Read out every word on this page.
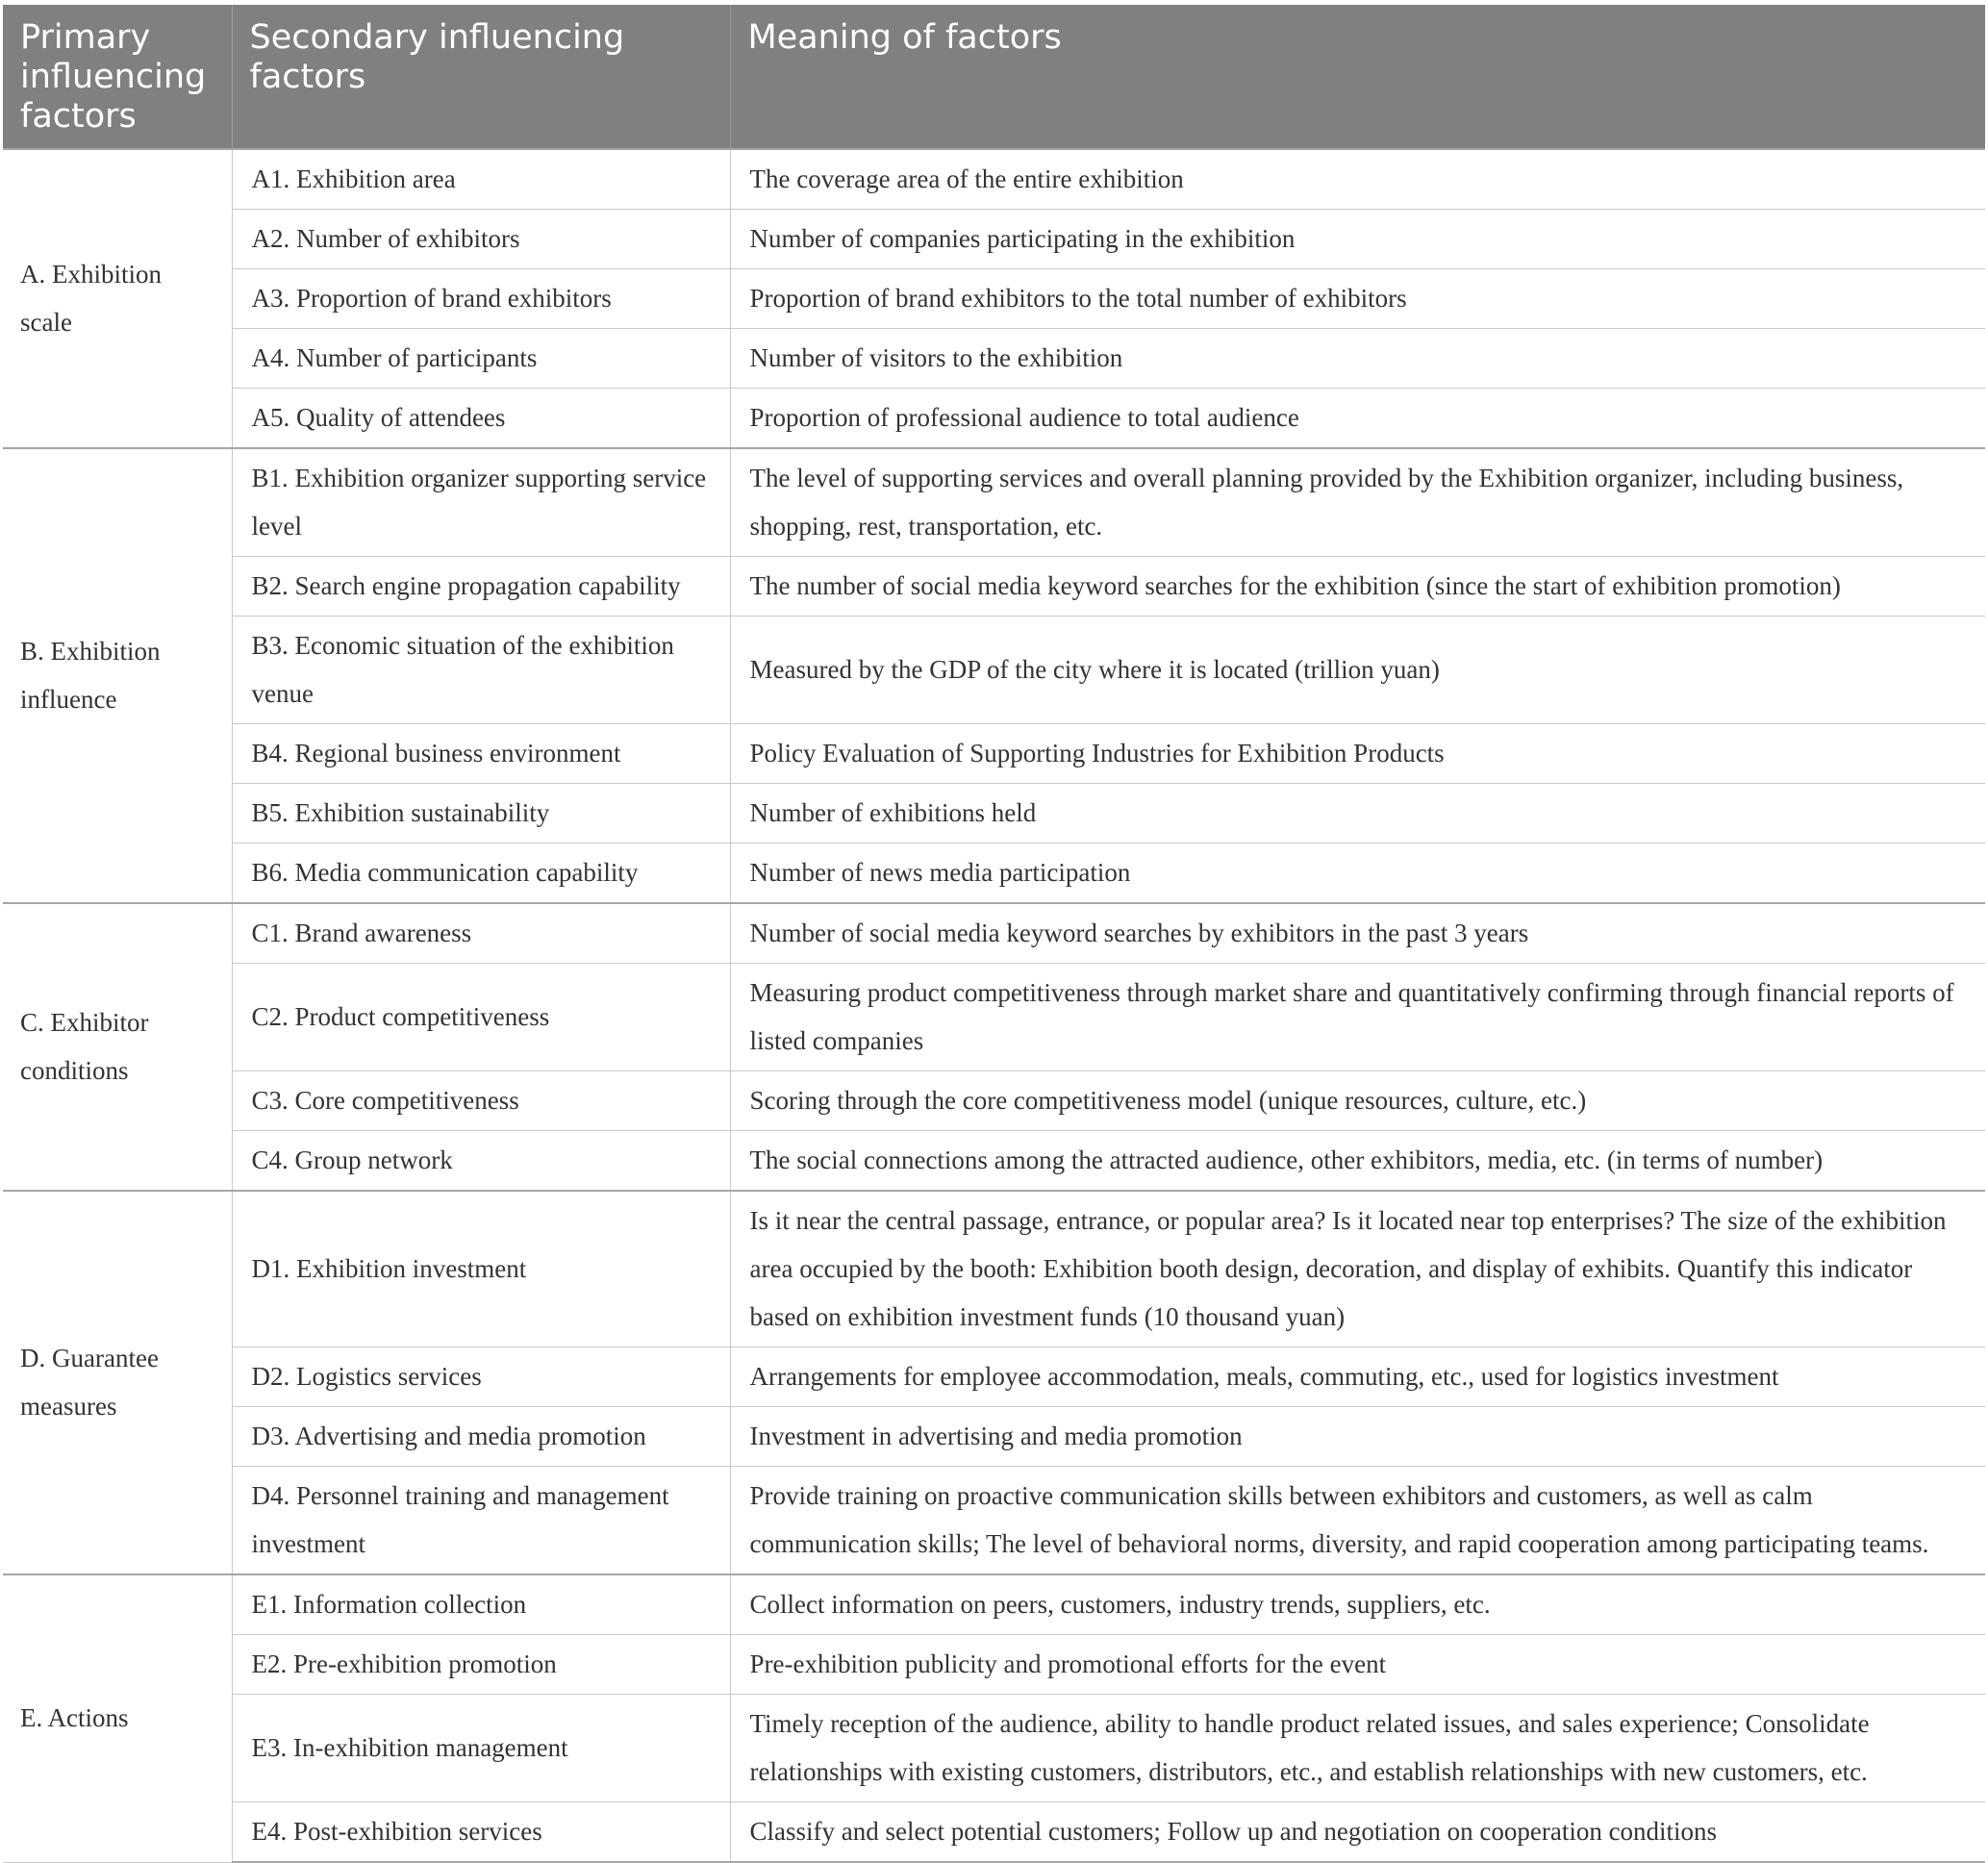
Primary influencing factors	Secondary influencing factors	Meaning of factors
A. Exhibition scale	A1. Exhibition area	The coverage area of the entire exhibition
	A2. Number of exhibitors	Number of companies participating in the exhibition
	A3. Proportion of brand exhibitors	Proportion of brand exhibitors to the total number of exhibitors
	A4. Number of participants	Number of visitors to the exhibition
	A5. Quality of attendees	Proportion of professional audience to total audience
B. Exhibition influence	B1. Exhibition organizer supporting service level	The level of supporting services and overall planning provided by the Exhibition organizer, including business, shopping, rest, transportation, etc.
	B2. Search engine propagation capability	The number of social media keyword searches for the exhibition (since the start of exhibition promotion)
	B3. Economic situation of the exhibition venue	Measured by the GDP of the city where it is located (trillion yuan)
	B4. Regional business environment	Policy Evaluation of Supporting Industries for Exhibition Products
	B5. Exhibition sustainability	Number of exhibitions held
	B6. Media communication capability	Number of news media participation
C. Exhibitor conditions	C1. Brand awareness	Number of social media keyword searches by exhibitors in the past 3 years
	C2. Product competitiveness	Measuring product competitiveness through market share and quantitatively confirming through financial reports of listed companies
	C3. Core competitiveness	Scoring through the core competitiveness model (unique resources, culture, etc.)
	C4. Group network	The social connections among the attracted audience, other exhibitors, media, etc. (in terms of number)
D. Guarantee measures	D1. Exhibition investment	Is it near the central passage, entrance, or popular area? Is it located near top enterprises? The size of the exhibition area occupied by the booth: Exhibition booth design, decoration, and display of exhibits. Quantify this indicator based on exhibition investment funds (10 thousand yuan)
	D2. Logistics services	Arrangements for employee accommodation, meals, commuting, etc., used for logistics investment
	D3. Advertising and media promotion	Investment in advertising and media promotion
	D4. Personnel training and management investment	Provide training on proactive communication skills between exhibitors and customers, as well as calm communication skills; The level of behavioral norms, diversity, and rapid cooperation among participating teams.
E. Actions	E1. Information collection	Collect information on peers, customers, industry trends, suppliers, etc.
	E2. Pre-exhibition promotion	Pre-exhibition publicity and promotional efforts for the event
	E3. In-exhibition management	Timely reception of the audience, ability to handle product related issues, and sales experience; Consolidate relationships with existing customers, distributors, etc., and establish relationships with new customers, etc.
	E4. Post-exhibition services	Classify and select potential customers; Follow up and negotiation on cooperation conditions
